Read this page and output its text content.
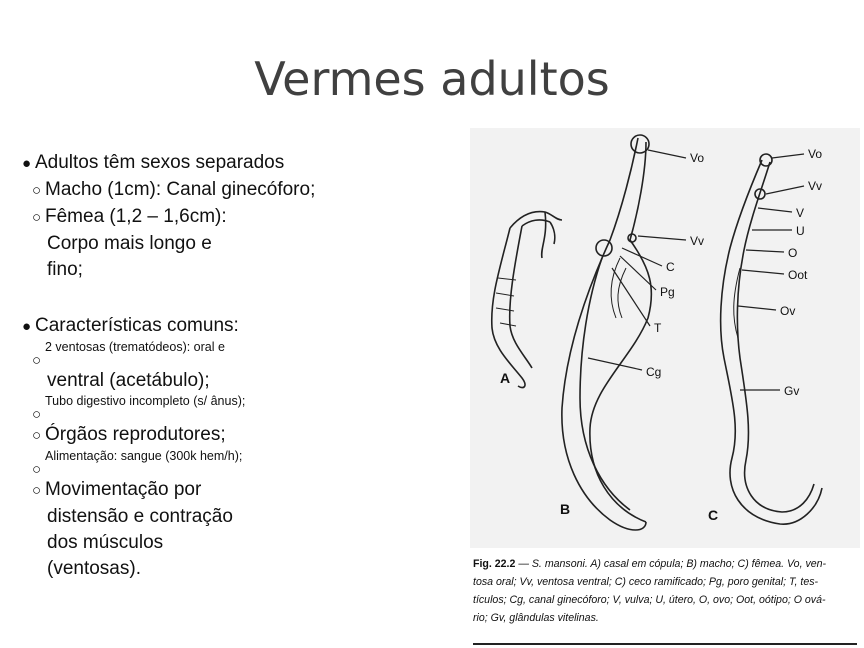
Vermes adultos
● Adultos têm sexos separados
○ Macho (1cm): Canal ginecóforo;
○ Fêmea (1,2 – 1,6cm):
Corpo mais longo e
fino;
● Características comuns:
○2 ventosas (trematódeos): oral e
ventral (acetábulo);
○Tubo digestivo incompleto (s/ ânus);
○ Órgãos reprodutores;
○Alimentação: sangue (300k hem/h);
○ Movimentação por
distensão e contração
dos músculos
(ventosas).
A
B	C
Vo
Vv
C
Pg
T
Cg
Vo
Vv
V
U
O
Oot
Ov
Gv
Fig. 22.2 — S. mansoni. A) casal em cópula; B) macho; C) fêmea. Vo, ven-
tosa oral; Vv, ventosa ventral; C) ceco ramificado; Pg, poro genital; T, tes-
tículos; Cg, canal ginecóforo; V, vulva; U, útero, O, ovo; Oot, oótipo; O ová-
rio; Gv, glândulas vitelinas.
